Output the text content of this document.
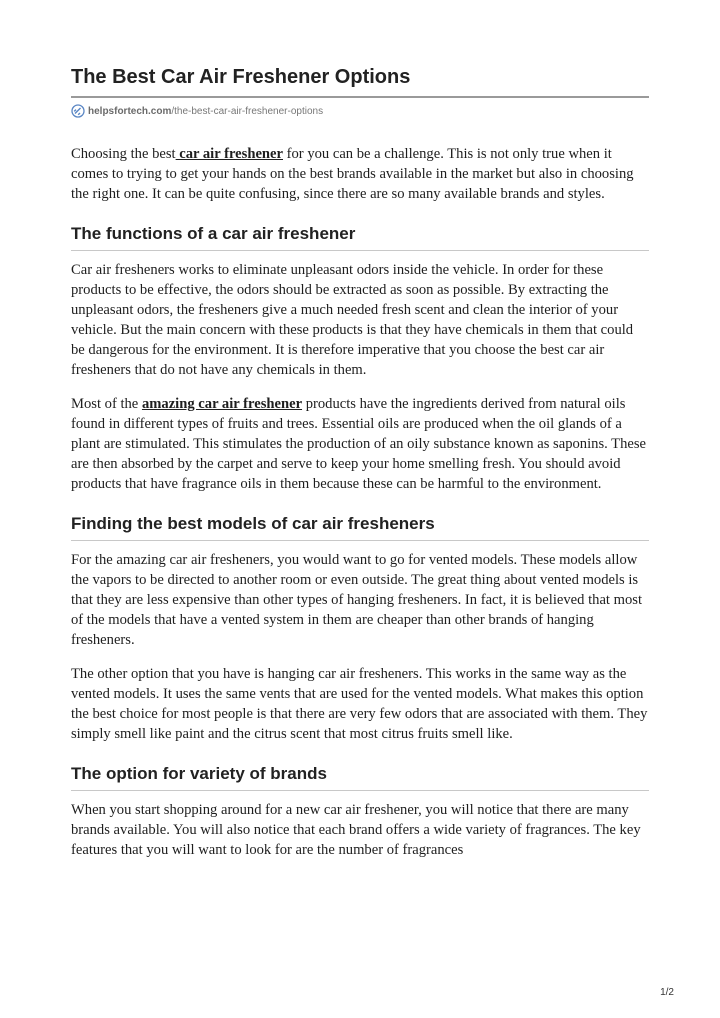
The Best Car Air Freshener Options
helpsfortech.com/the-best-car-air-freshener-options

Choosing the best car air freshener for you can be a challenge. This is not only true when it comes to trying to get your hands on the best brands available in the market but also in choosing the right one. It can be quite confusing, since there are so many available brands and styles.

The functions of a car air freshener

Car air fresheners works to eliminate unpleasant odors inside the vehicle. In order for these products to be effective, the odors should be extracted as soon as possible. By extracting the unpleasant odors, the fresheners give a much needed fresh scent and clean the interior of your vehicle. But the main concern with these products is that they have chemicals in them that could be dangerous for the environment. It is therefore imperative that you choose the best car air fresheners that do not have any chemicals in them.

Most of the amazing car air freshener products have the ingredients derived from natural oils found in different types of fruits and trees. Essential oils are produced when the oil glands of a plant are stimulated. This stimulates the production of an oily substance known as saponins. These are then absorbed by the carpet and serve to keep your home smelling fresh. You should avoid products that have fragrance oils in them because these can be harmful to the environment.

Finding the best models of car air fresheners

For the amazing car air fresheners, you would want to go for vented models. These models allow the vapors to be directed to another room or even outside. The great thing about vented models is that they are less expensive than other types of hanging fresheners. In fact, it is believed that most of the models that have a vented system in them are cheaper than other brands of hanging fresheners.

The other option that you have is hanging car air fresheners. This works in the same way as the vented models. It uses the same vents that are used for the vented models. What makes this option the best choice for most people is that there are very few odors that are associated with them. They simply smell like paint and the citrus scent that most citrus fruits smell like.

The option for variety of brands

When you start shopping around for a new car air freshener, you will notice that there are many brands available. You will also notice that each brand offers a wide variety of fragrances. The key features that you will want to look for are the number of fragrances

1/2
